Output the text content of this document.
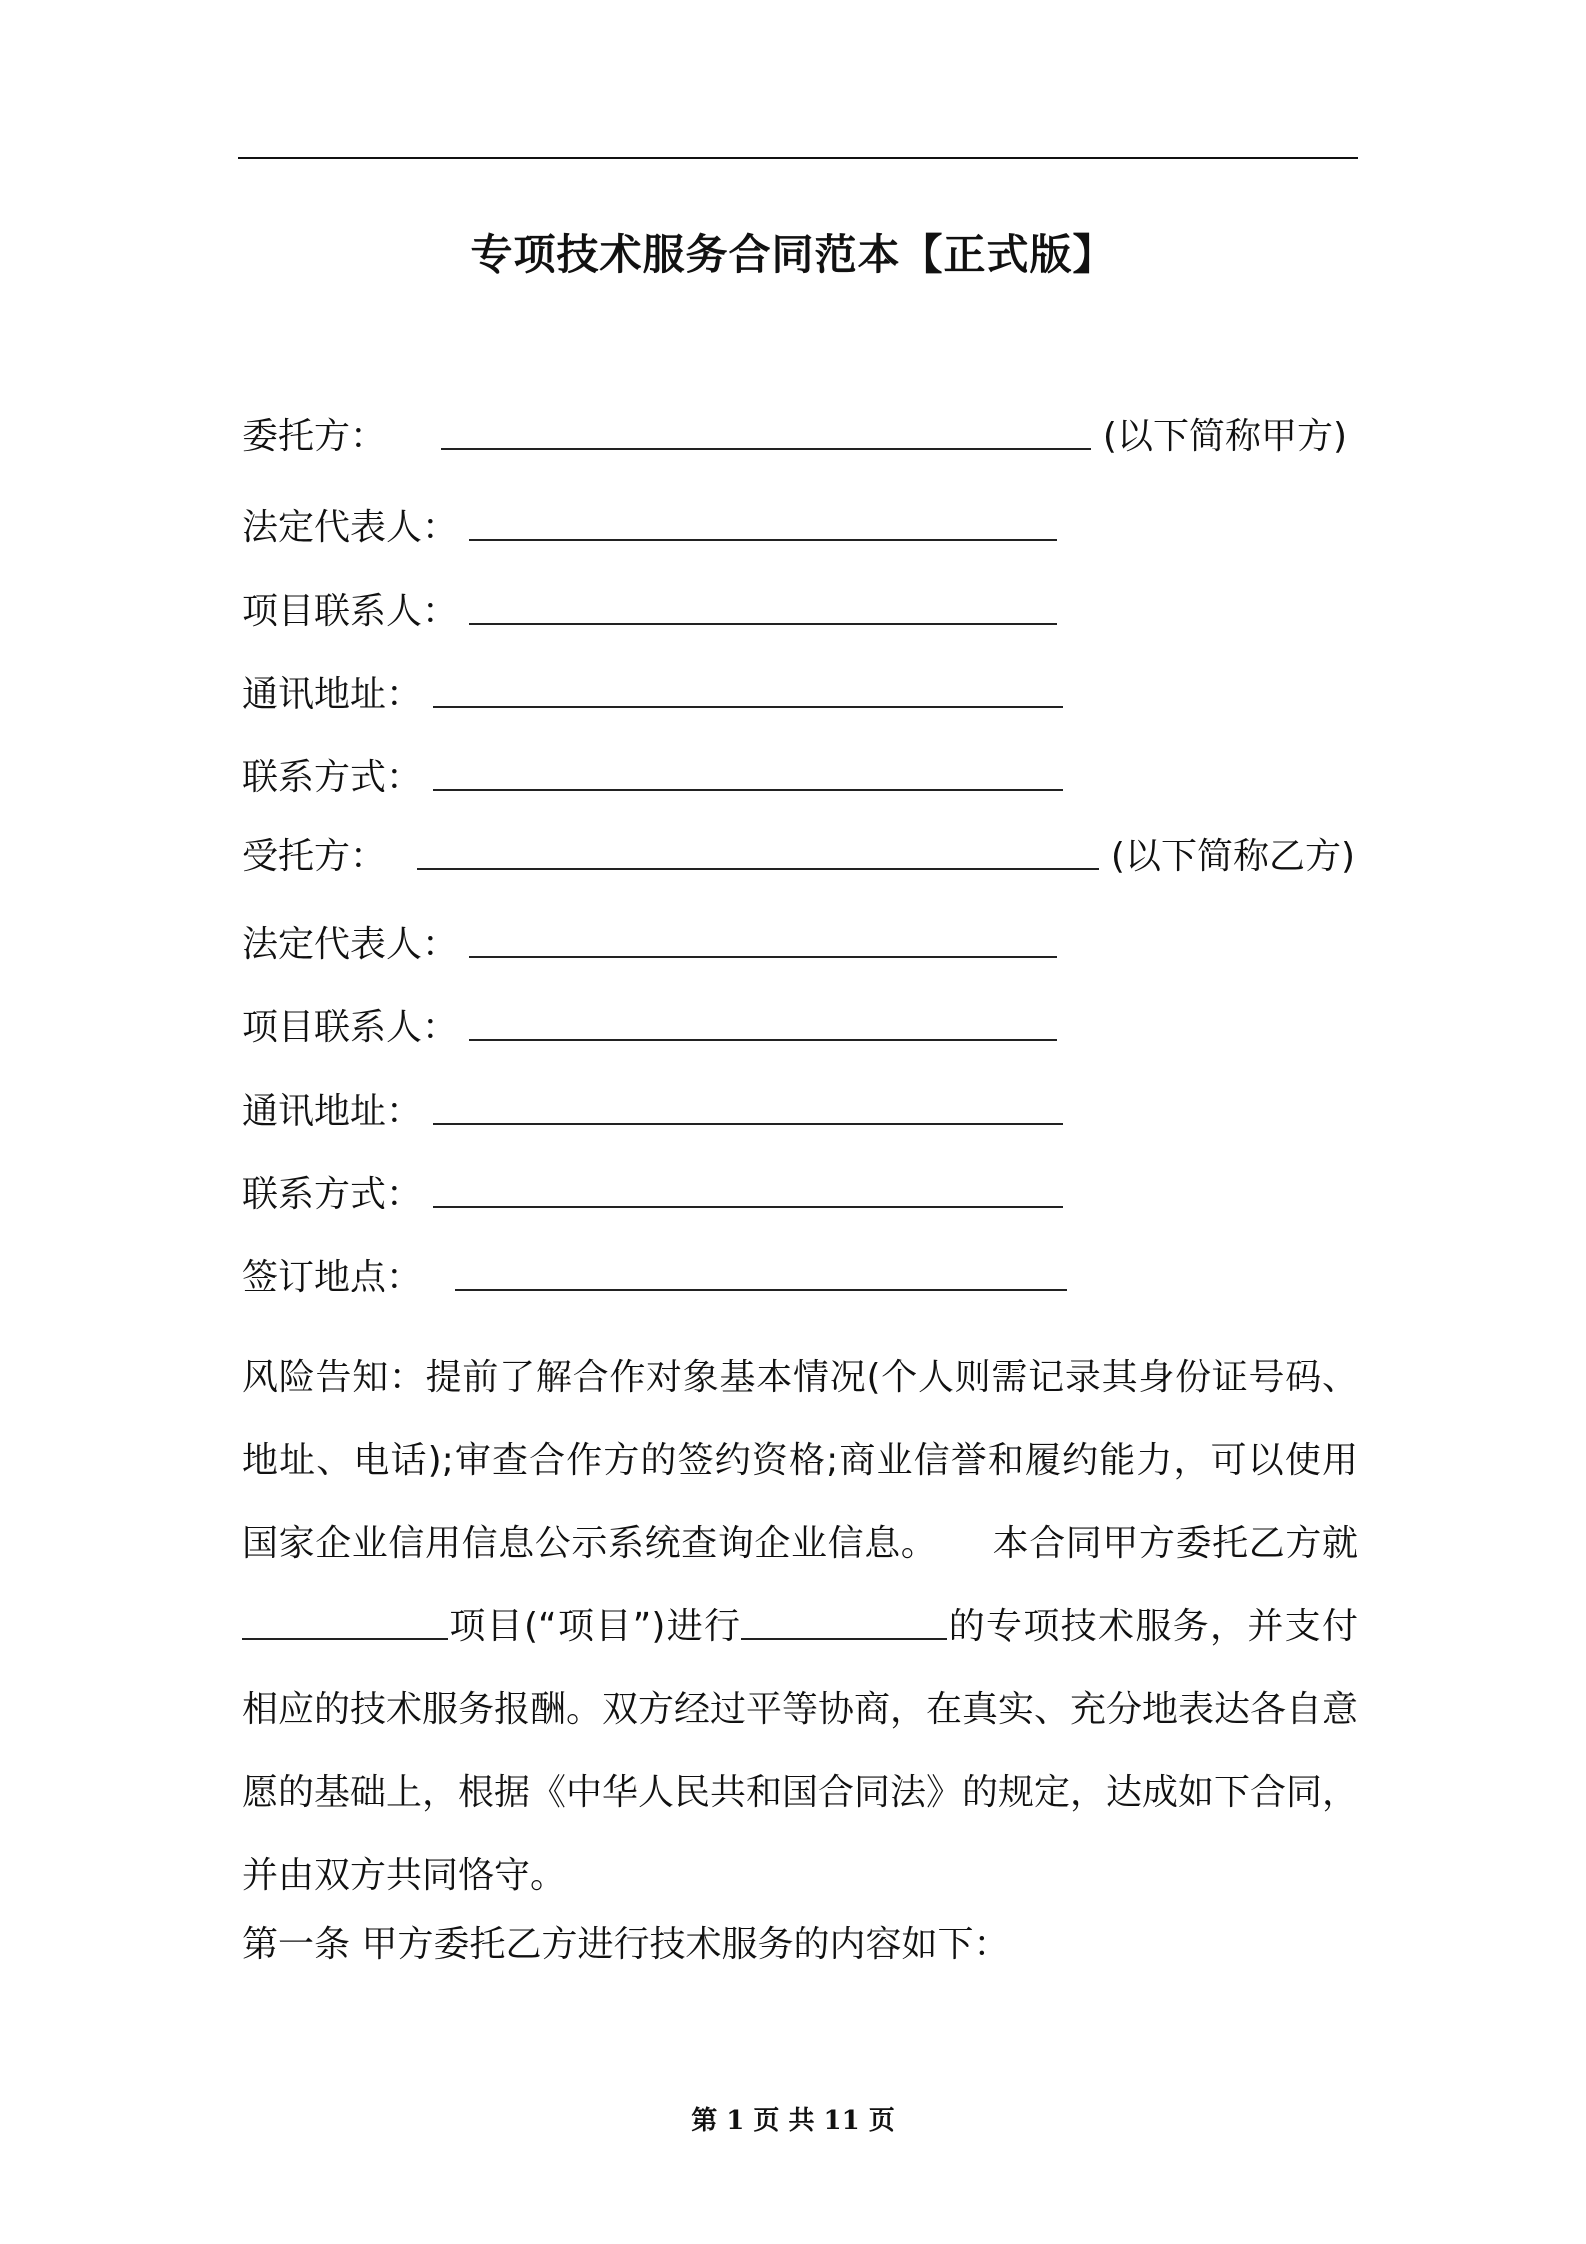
专项技术服务合同范本【正式版】
委托方：	(以下简称甲方)
法定代表人：
项目联系人：
通讯地址：
联系方式：
受托方：	(以下简称乙方)
法定代表人：
项目联系人：
通讯地址：
联系方式：
签订地点：
风险告知：提前了解合作对象基本情况(个人则需记录其身份证号码、地址、电话);审查合作方的签约资格;商业信誉和履约能力，可以使用国家企业信用信息公示系统查询企业信息。　　本合同甲方委托乙方就项目(“项目”)进行	的专项技术服务，并支付相应的技术服务报酬。双方经过平等协商，在真实、充分地表达各自意愿的基础上，根据《中华人民共和国合同法》的规定，达成如下合同，并由双方共同恪守。
第一条 甲方委托乙方进行技术服务的内容如下：
第 1 页 共 11 页
